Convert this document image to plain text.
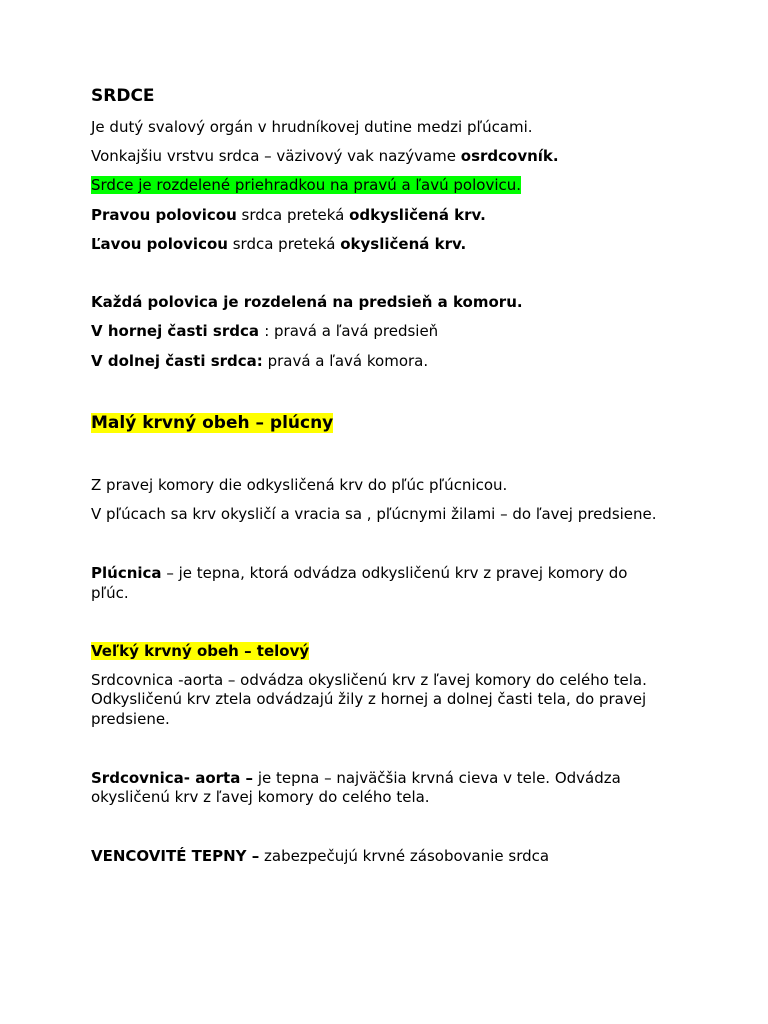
SRDCE
Je dutý svalový orgán v hrudníkovej dutine medzi pľúcami.
Vonkajšiu vrstvu srdca – väzivový vak nazývame osrdcovník.
Srdce je rozdelené priehradkou na pravú a ľavú polovicu.
Pravou polovicou srdca preteká odkysličená krv.
Ľavou polovicou srdca preteká okysličená krv.
Každá polovica je rozdelená na predsieň a komoru.
V hornej časti srdca : pravá a ľavá predsieň
V dolnej časti srdca: pravá a ľavá komora.
Malý krvný obeh – plúcny
Z pravej komory die odkysličená krv do pľúc pľúcnicou.
V pľúcach sa krv okysličí a vracia sa , pľúcnymi žilami – do ľavej predsiene.
Plúcnica – je tepna, ktorá odvádza odkysličenú krv z pravej komory do
pľúc.
Veľký krvný obeh – telový
Srdcovnica -aorta – odvádza okysličenú krv z ľavej komory do celého tela.
Odkysličenú krv ztela odvádzajú žily z hornej a dolnej časti tela, do pravej
predsiene.
Srdcovnica- aorta – je tepna – najväčšia krvná cieva v tele. Odvádza
okysličenú krv z ľavej komory do celého tela.
VENCOVITÉ TEPNY – zabezpečujú krvné zásobovanie srdca
